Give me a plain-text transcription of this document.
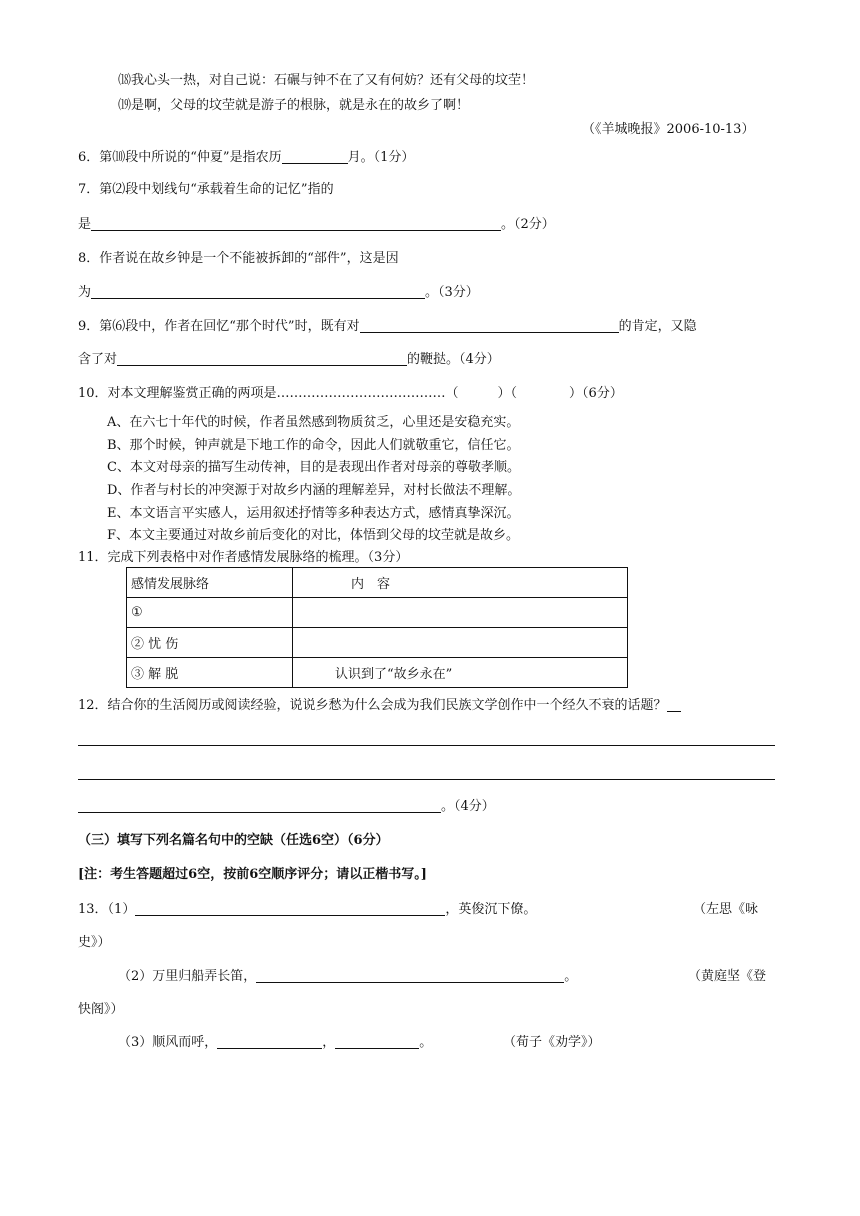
⒅我心头一热，对自己说：石碾与钟不在了又有何妨？还有父母的坟茔！
⒆是啊，父母的坟茔就是游子的根脉，就是永在的故乡了啊！
（《羊城晚报》2006-10-13）
6．第⑽段中所说的“仲夏”是指农历	月。（1分）
7．第⑵段中划线句“承载着生命的记忆”指的
是	。（2分）
8．作者说在故乡钟是一个不能被拆卸的“部件”，这是因
为	。（3分）
9．第⑹段中，作者在回忆“那个时代”时，既有对	的肯定，又隐
含了对	的鞭挞。（4分）
10．对本文理解鉴赏正确的两项是…………………………………（　　　）（　　　　）（6分）
A、在六七十年代的时候，作者虽然感到物质贫乏，心里还是安稳充实。
B、那个时候，钟声就是下地工作的命令，因此人们就敬重它，信任它。
C、本文对母亲的描写生动传神，目的是表现出作者对母亲的尊敬孝顺。
D、作者与村长的冲突源于对故乡内涵的理解差异，对村长做法不理解。
E、本文语言平实感人，运用叙述抒情等多种表达方式，感情真挚深沉。
F、本文主要通过对故乡前后变化的对比，体悟到父母的坟茔就是故乡。
11．完成下列表格中对作者感情发展脉络的梳理。（3分）
感情发展脉络	内　容
①	
② 忧 伤	
③ 解 脱	认识到了“故乡永在”
12．结合你的生活阅历或阅读经验，说说乡愁为什么会成为我们民族文学创作中一个经久不衰的话题？
。（4分）
（三）填写下列名篇名句中的空缺（任选6空）（6分）
[注：考生答题超过6空，按前6空顺序评分；请以正楷书写。]
13．（1）	，英俊沉下僚。	（左思《咏
史》）
（2）万里归船弄长笛，	。	（黄庭坚《登
快阁》）
（3）顺风而呼，	，	。	（荀子《劝学》）
